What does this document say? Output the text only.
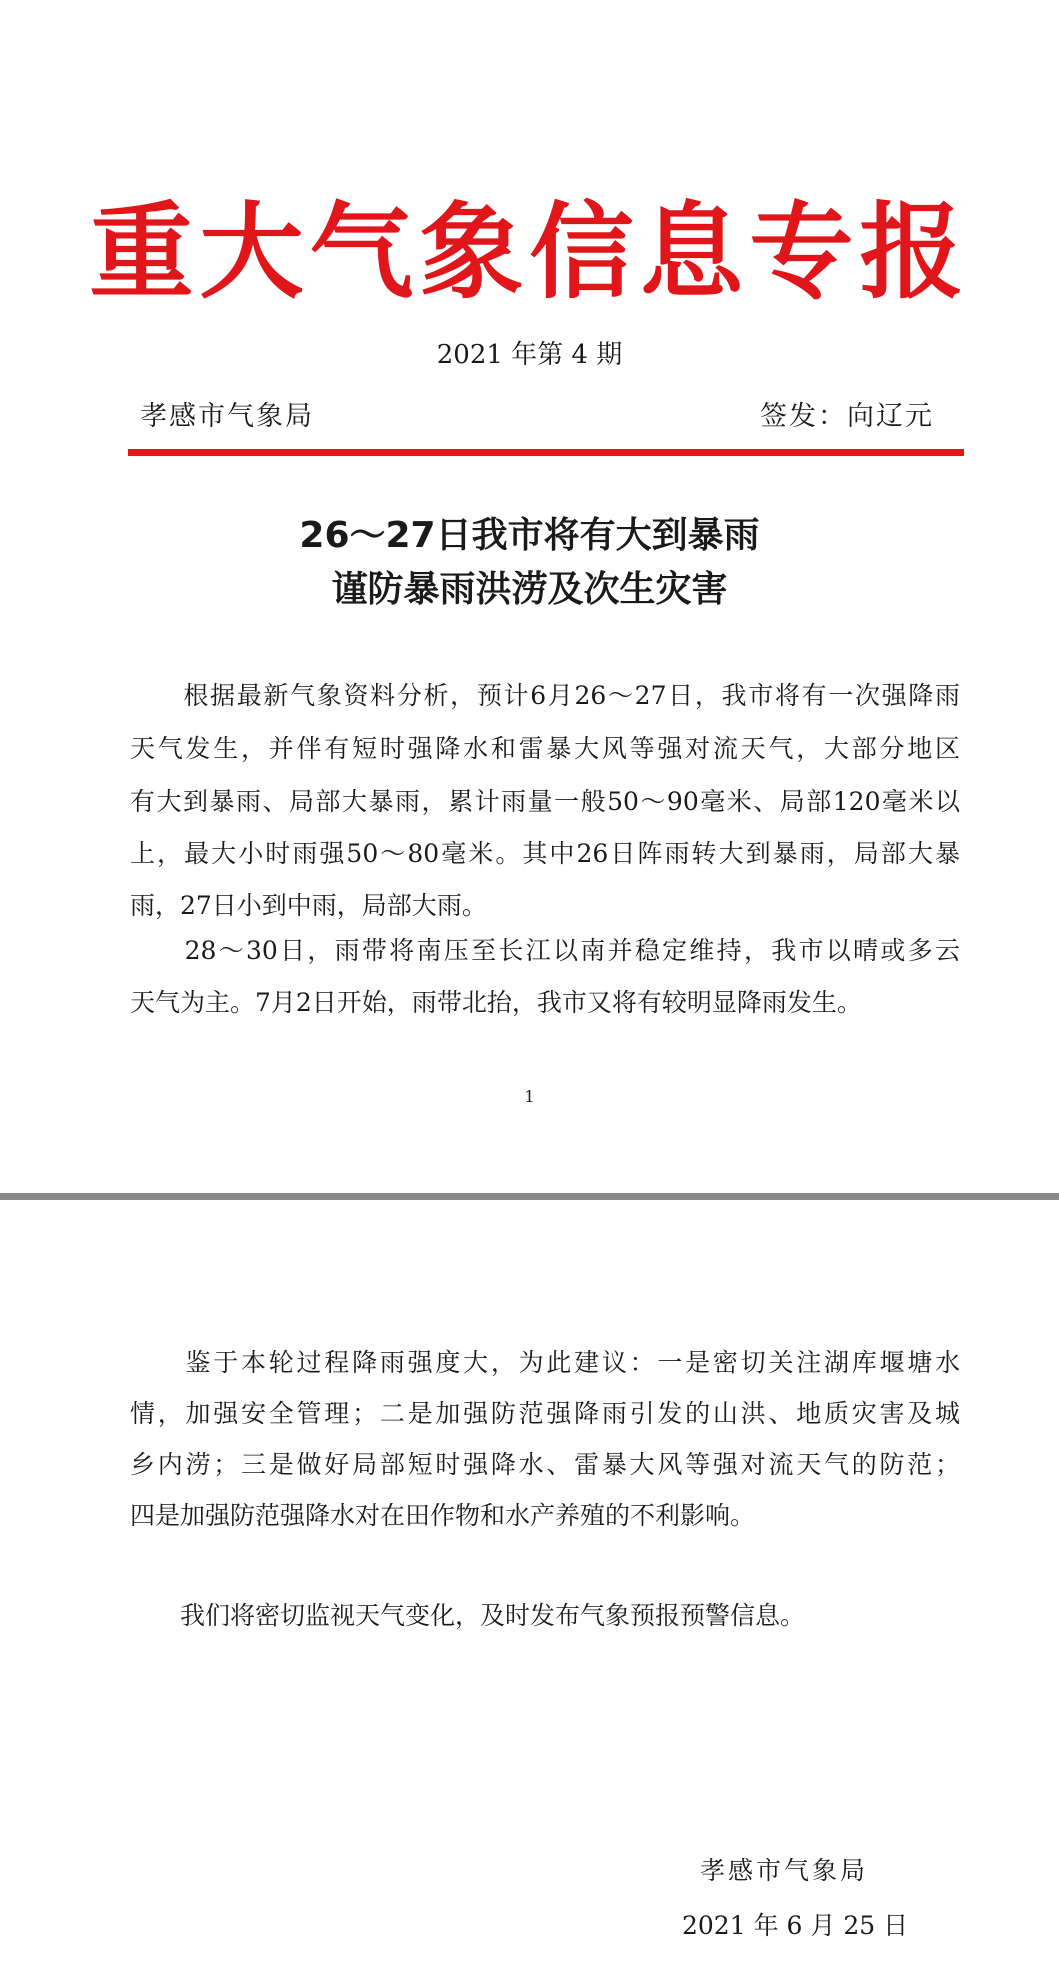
重大气象信息专报
2021 年第 4 期
孝感市气象局	签发：向辽元
26～27日我市将有大到暴雨
谨防暴雨洪涝及次生灾害
　　根据最新气象资料分析，预计6月26～27日，我市将有一次强降雨
天气发生，并伴有短时强降水和雷暴大风等强对流天气，大部分地区
有大到暴雨、局部大暴雨，累计雨量一般50～90毫米、局部120毫米以
上，最大小时雨强50～80毫米。其中26日阵雨转大到暴雨，局部大暴
雨，27日小到中雨，局部大雨。
　　28～30日，雨带将南压至长江以南并稳定维持，我市以晴或多云
天气为主。7月2日开始，雨带北抬，我市又将有较明显降雨发生。
1
　　鉴于本轮过程降雨强度大，为此建议：一是密切关注湖库堰塘水
情，加强安全管理；二是加强防范强降雨引发的山洪、地质灾害及城
乡内涝；三是做好局部短时强降水、雷暴大风等强对流天气的防范；
四是加强防范强降水对在田作物和水产养殖的不利影响。
　　我们将密切监视天气变化，及时发布气象预报预警信息。
孝感市气象局
2021 年 6 月 25 日
